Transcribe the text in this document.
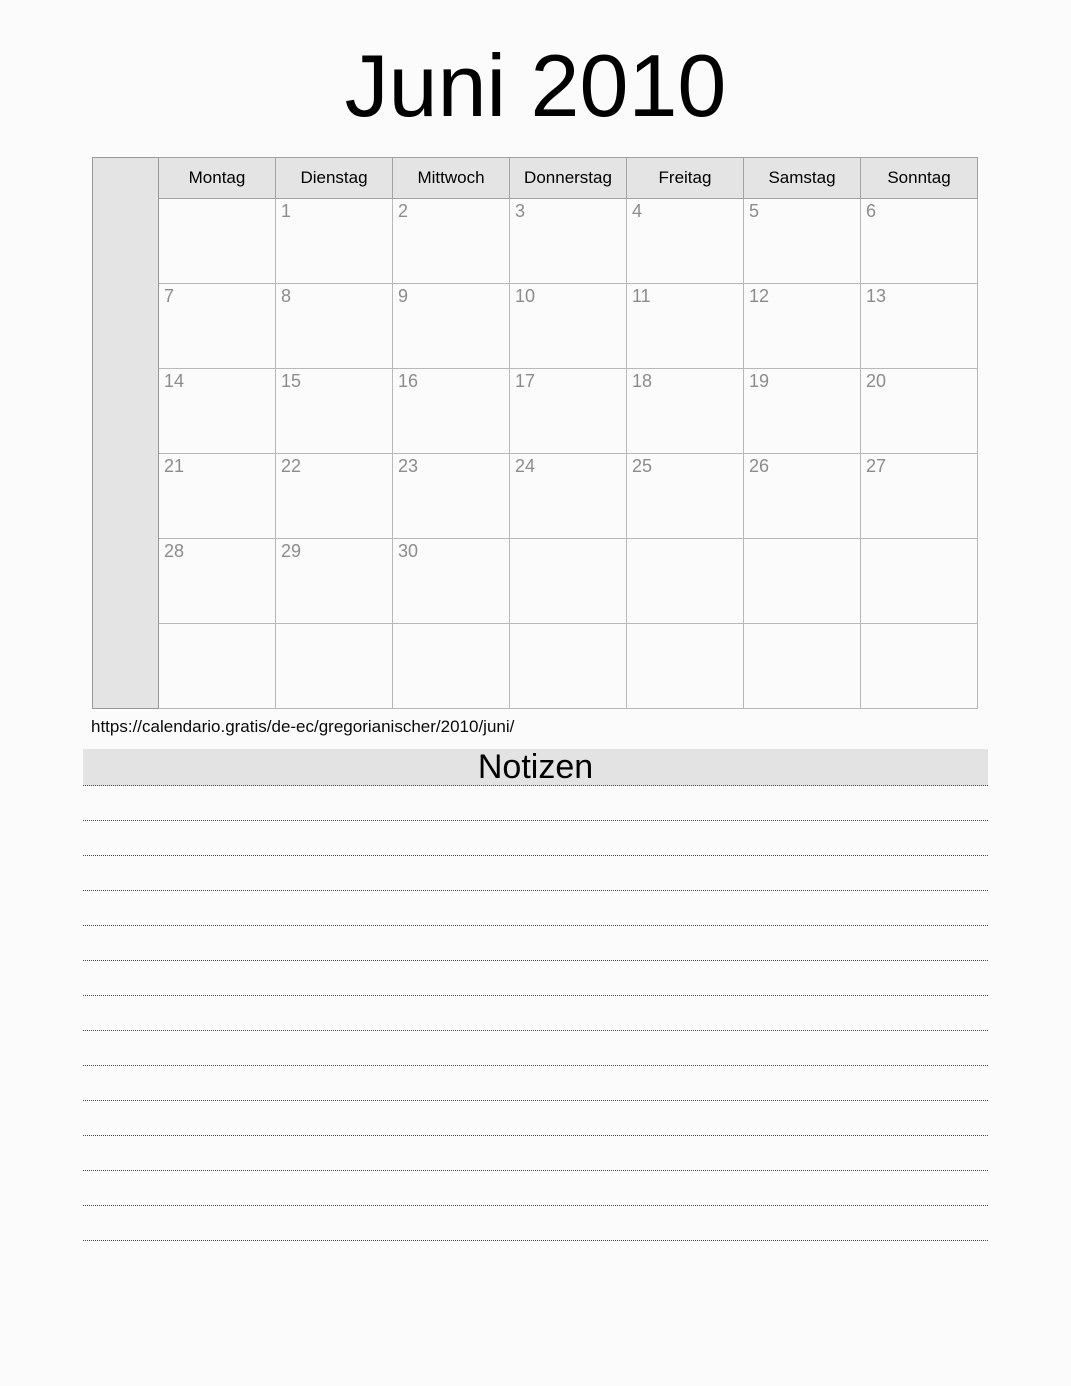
Juni 2010
	Montag	Dienstag	Mittwoch	Donnerstag	Freitag	Samstag	Sonntag
		1	2	3	4	5	6
	7	8	9	10	11	12	13
	14	15	16	17	18	19	20
	21	22	23	24	25	26	27
	28	29	30				

https://calendario.gratis/de-ec/gregorianischer/2010/juni/
Notizen
